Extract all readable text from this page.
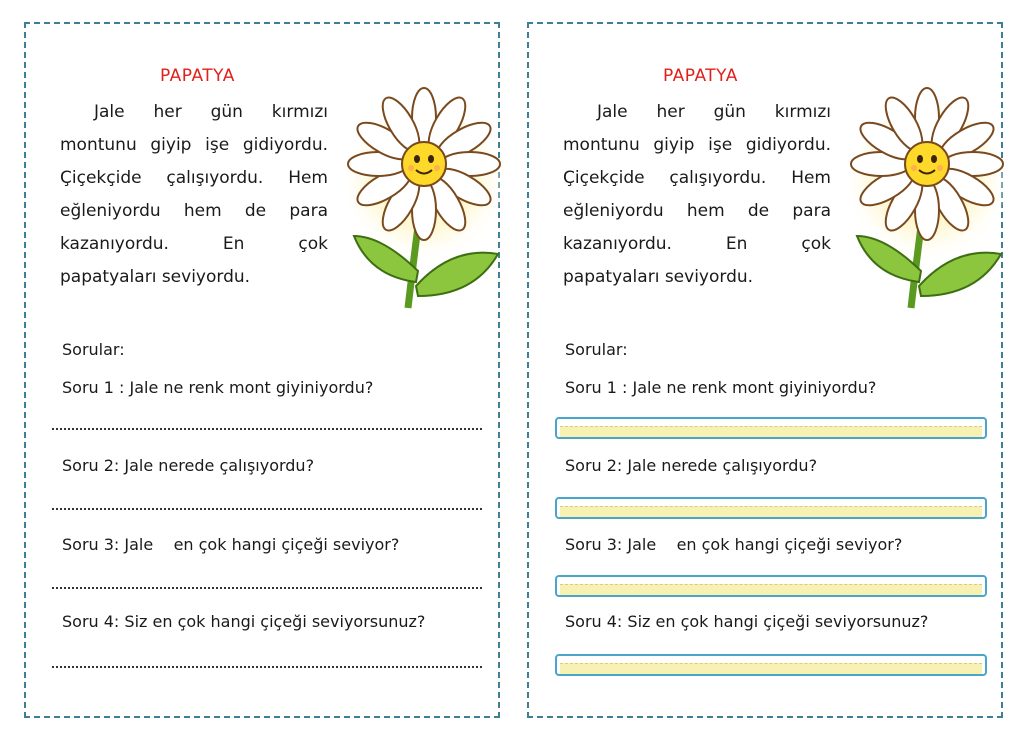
PAPATYA

Jale her gün kırmızı montunu giyip işe gidiyordu. Çiçekçide çalışıyordu. Hem eğleniyordu hem de para kazanıyordu. En çok papatyaları seviyordu.

Sorular:
Soru 1 : Jale ne renk mont giyiniyordu?
Soru 2: Jale nerede çalışıyordu?
Soru 3: Jale    en çok hangi çiçeği seviyor?
Soru 4: Siz en çok hangi çiçeği seviyorsunuz?
PAPATYA

Jale her gün kırmızı montunu giyip işe gidiyordu. Çiçekçide çalışıyordu. Hem eğleniyordu hem de para kazanıyordu. En çok papatyaları seviyordu.

Sorular:
Soru 1 : Jale ne renk mont giyiniyordu?
Soru 2: Jale nerede çalışıyordu?
Soru 3: Jale    en çok hangi çiçeği seviyor?
Soru 4: Siz en çok hangi çiçeği seviyorsunuz?
